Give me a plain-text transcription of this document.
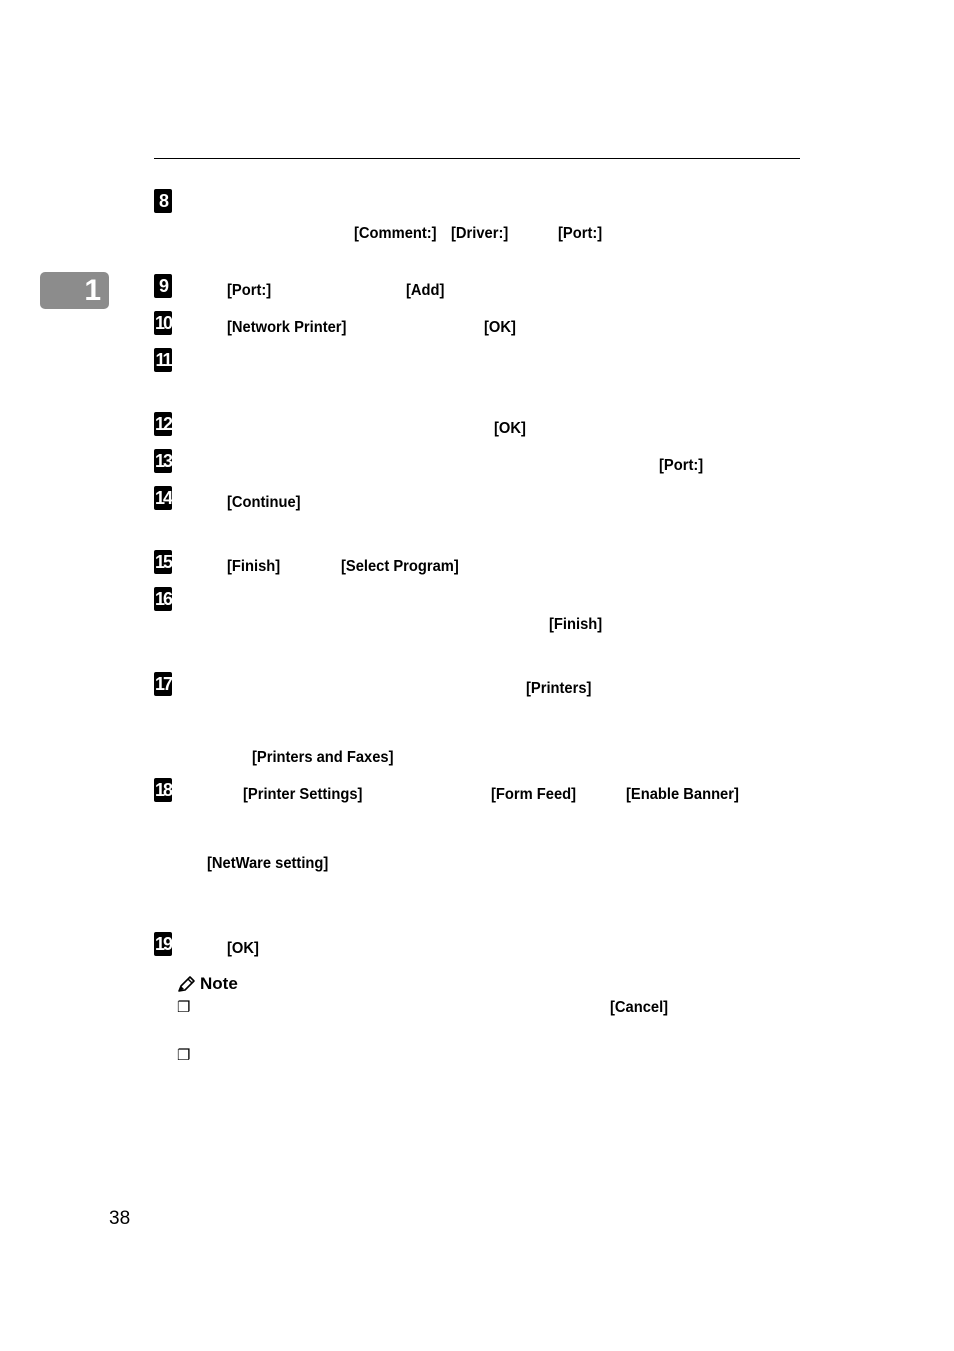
1
8
9
10
11
12
13
14
15
16
17
18
19
[Comment:] [Driver:]	[Port:]
[Port:]	[Add]
[Network Printer]	[OK]
[OK]
[Port:]
[Continue]
[Finish]	[Select Program]
[Finish]
[Printers]
[Printers and Faxes]
[Printer Settings]	[Form Feed]	[Enable Banner]
[NetWare setting]
[OK]
Note
❐	[Cancel]
❐
38
